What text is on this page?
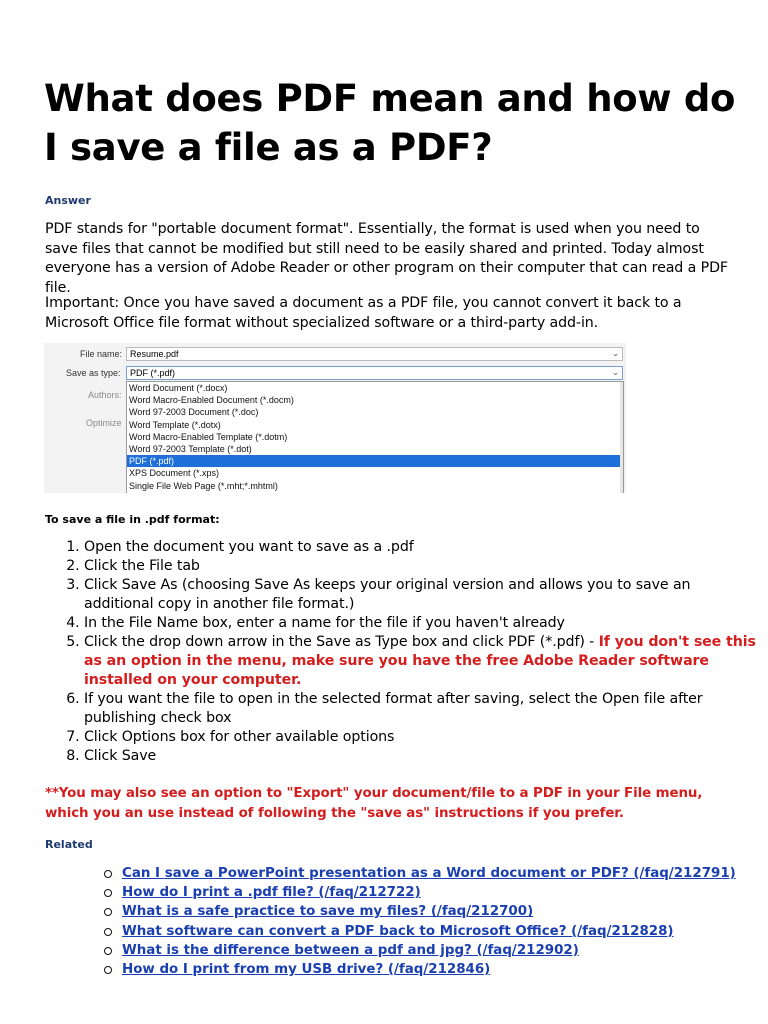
What does PDF mean and how do I save a file as a PDF?

Answer

PDF stands for "portable document format". Essentially, the format is used when you need to save files that cannot be modified but still need to be easily shared and printed. Today almost everyone has a version of Adobe Reader or other program on their computer that can read a PDF file.

Important: Once you have saved a document as a PDF file, you cannot convert it back to a Microsoft Office file format without specialized software or a third-party add-in.

File name: Resume.pdf	⌄
Save as type:	PDF (*.pdf)	⌄
Authors:
Optimize
Word Document (*.docx)
Word Macro-Enabled Document (*.docm)
Word 97-2003 Document (*.doc)
Word Template (*.dotx)
Word Macro-Enabled Template (*.dotm)
Word 97-2003 Template (*.dot)
PDF (*.pdf)
XPS Document (*.xps)
Single File Web Page (*.mht;*.mhtml)

To save a file in .pdf format:

1. Open the document you want to save as a .pdf
2. Click the File tab
3. Click Save As (choosing Save As keeps your original version and allows you to save an additional copy in another file format.)
4. In the File Name box, enter a name for the file if you haven't already
5. Click the drop down arrow in the Save as Type box and click PDF (*.pdf) - If you don't see this as an option in the menu, make sure you have the free Adobe Reader software installed on your computer.
6. If you want the file to open in the selected format after saving, select the Open file after publishing check box
7. Click Options box for other available options
8. Click Save

**You may also see an option to "Export" your document/file to a PDF in your File menu, which you an use instead of following the "save as" instructions if you prefer.

Related

Can I save a PowerPoint presentation as a Word document or PDF? (/faq/212791)
How do I print a .pdf file? (/faq/212722)
What is a safe practice to save my files? (/faq/212700)
What software can convert a PDF back to Microsoft Office? (/faq/212828)
What is the difference between a pdf and jpg? (/faq/212902)
How do I print from my USB drive? (/faq/212846)
